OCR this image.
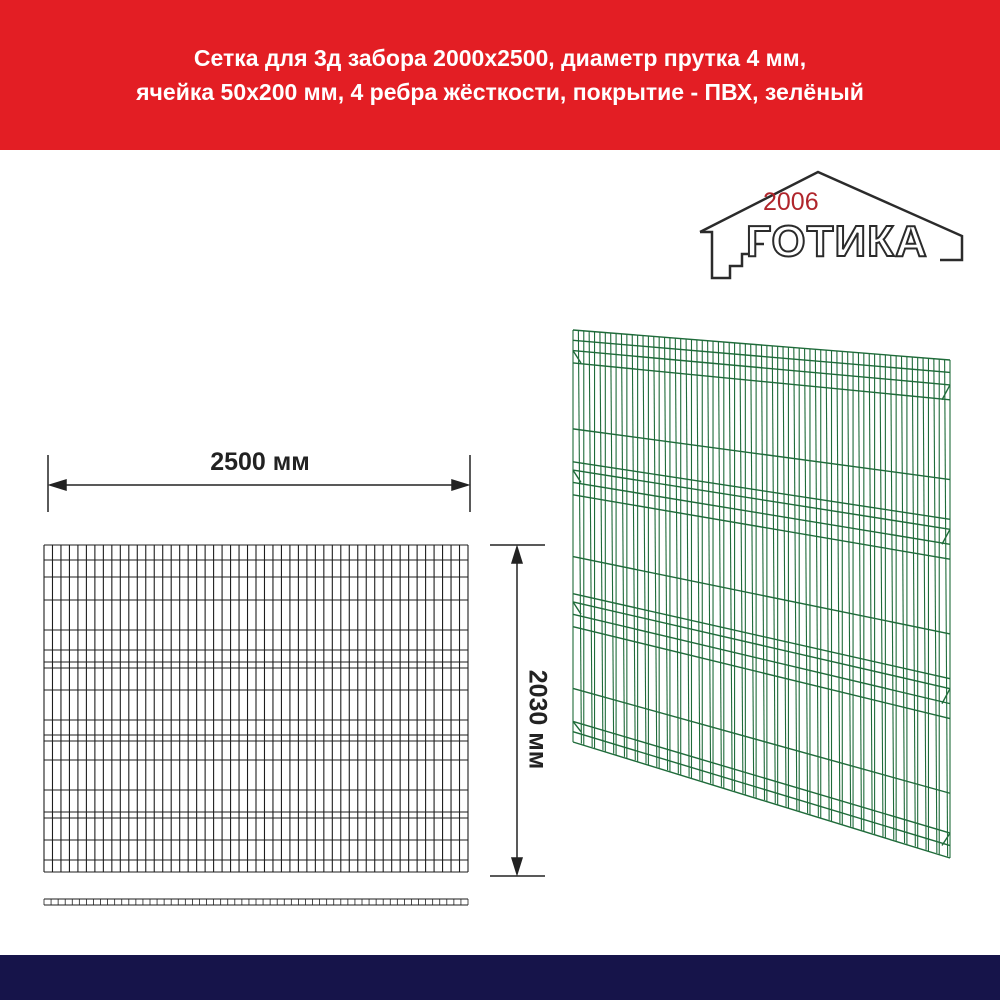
Сетка для 3д забора 2000х2500, диаметр прутка 4 мм,
ячейка 50х200 мм, 4 ребра жёсткости, покрытие - ПВХ, зелёный
2006
ГОТИКА
2500 мм
2030 мм
